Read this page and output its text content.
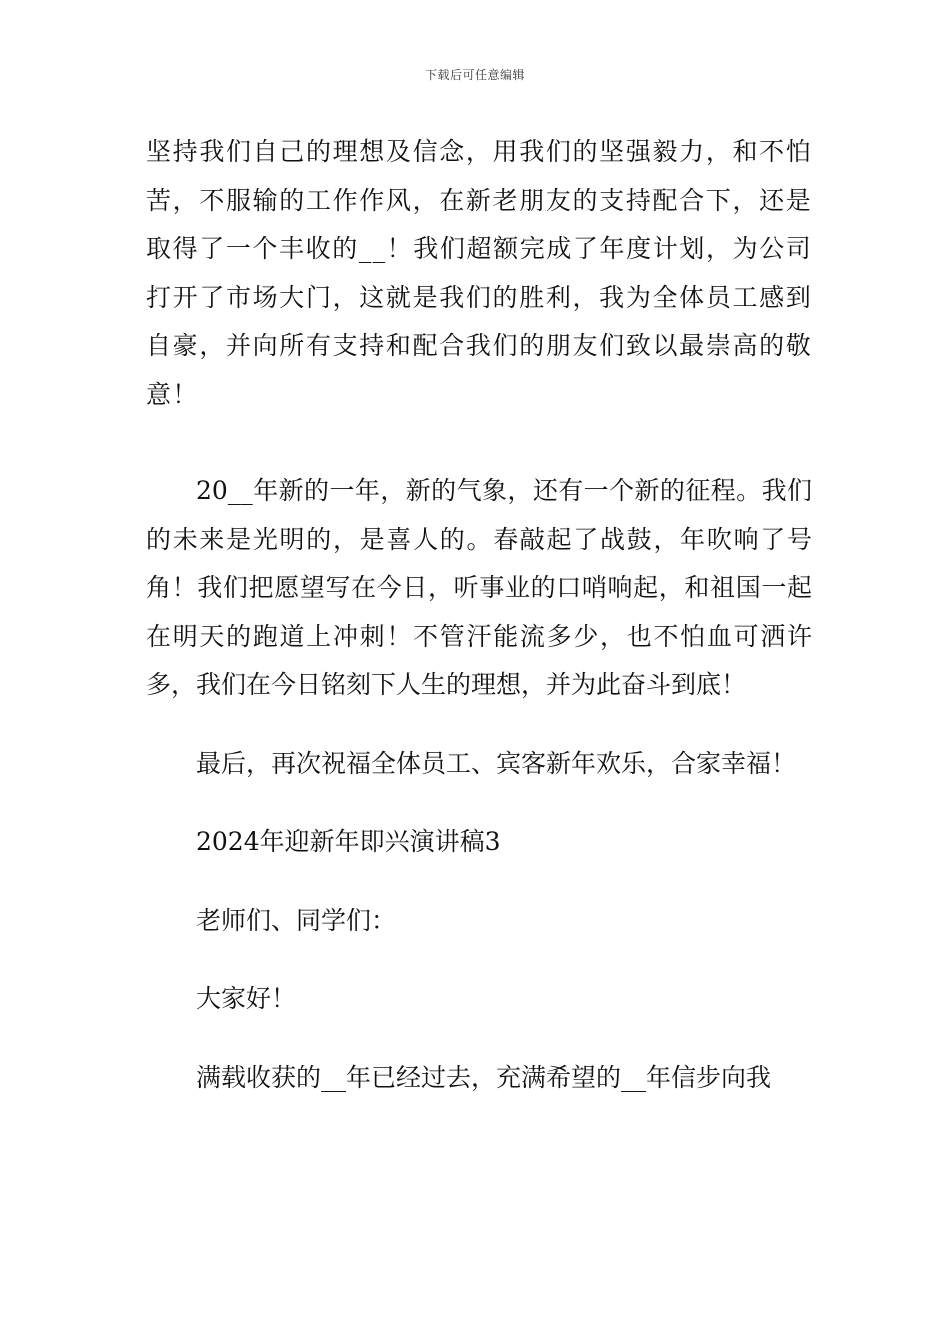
下载后可任意编辑

坚持我们自己的理想及信念，用我们的坚强毅力，和不怕苦，不服输的工作作风，在新老朋友的支持配合下，还是取得了一个丰收的__！我们超额完成了年度计划，为公司打开了市场大门，这就是我们的胜利，我为全体员工感到自豪，并向所有支持和配合我们的朋友们致以最崇高的敬意！

20__年新的一年，新的气象，还有一个新的征程。我们的未来是光明的，是喜人的。春敲起了战鼓，年吹响了号角！我们把愿望写在今日，听事业的口哨响起，和祖国一起在明天的跑道上冲刺！不管汗能流多少，也不怕血可洒许多，我们在今日铭刻下人生的理想，并为此奋斗到底！

最后，再次祝福全体员工、宾客新年欢乐，合家幸福！

2024年迎新年即兴演讲稿3

老师们、同学们：

大家好！

满载收获的__年已经过去，充满希望的__年信步向我
